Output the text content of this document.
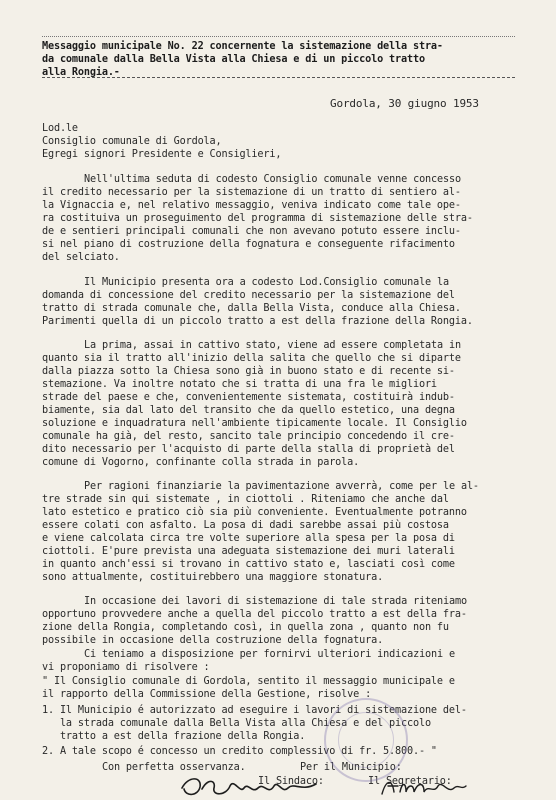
Messaggio municipale No. 22 concernente la sistemazione della stra-
da comunale dalla Bella Vista alla Chiesa e di un piccolo tratto
alla Rongia.-
Gordola, 30 giugno 1953
Lod.le
Consiglio comunale di Gordola,
Egregi signori Presidente e Consiglieri,
Nell'ultima seduta di codesto Consiglio comunale venne concesso
il credito necessario per la sistemazione di un tratto di sentiero al-
la Vignaccia e, nel relativo messaggio, veniva indicato come tale ope-
ra costituiva un proseguimento del programma di sistemazione delle stra-
de e sentieri principali comunali che non avevano potuto essere inclu-
si nel piano di costruzione della fognatura e conseguente rifacimento
del selciato.
Il Municipio presenta ora a codesto Lod.Consiglio comunale la
domanda di concessione del credito necessario per la sistemazione del
tratto di strada comunale che, dalla Bella Vista, conduce alla Chiesa.
Parimenti quella di un piccolo tratto a est della frazione della Rongia.
La prima, assai in cattivo stato, viene ad essere completata in
quanto sia il tratto all'inizio della salita che quello che si diparte
dalla piazza sotto la Chiesa sono già in buono stato e di recente si-
stemazione. Va inoltre notato che si tratta di una fra le migliori
strade del paese e che, convenientemente sistemata, costituirà indub-
biamente, sia dal lato del transito che da quello estetico, una degna
soluzione e inquadratura nell'ambiente tipicamente locale. Il Consiglio
comunale ha già, del resto, sancito tale principio concedendo il cre-
dito necessario per l'acquisto di parte della stalla di proprietà del
comune di Vogorno, confinante colla strada in parola.
Per ragioni finanziarie la pavimentazione avverrà, come per le al-
tre strade sin qui sistemate , in ciottoli . Riteniamo che anche dal
lato estetico e pratico ciò sia più conveniente. Eventualmente potranno
essere colati con asfalto. La posa di dadi sarebbe assai più costosa
e viene calcolata circa tre volte superiore alla spesa per la posa di
ciottoli. E'pure prevista una adeguata sistemazione dei muri laterali
in quanto anch'essi si trovano in cattivo stato e, lasciati così come
sono attualmente, costituirebbero una maggiore stonatura.
In occasione dei lavori di sistemazione di tale strada riteniamo
opportuno provvedere anche a quella del piccolo tratto a est della fra-
zione della Rongia, completando così, in quella zona , quanto non fu
possibile in occasione della costruzione della fognatura.
Ci teniamo a disposizione per fornirvi ulteriori indicazioni e
vi proponiamo di risolvere :
" Il Consiglio comunale di Gordola, sentito il messaggio municipale e
il rapporto della Commissione della Gestione, risolve :
1. Il Municipio é autorizzato ad eseguire i lavori di sistemazione del-
la strada comunale dalla Bella Vista alla Chiesa e del piccolo
tratto a est della frazione della Rongia.
2. A tale scopo é concesso un credito complessivo di fr. 5.800.- "
Con perfetta osservanza.	Per il Municipio:
Il Sindaco:	Il Segretario:
